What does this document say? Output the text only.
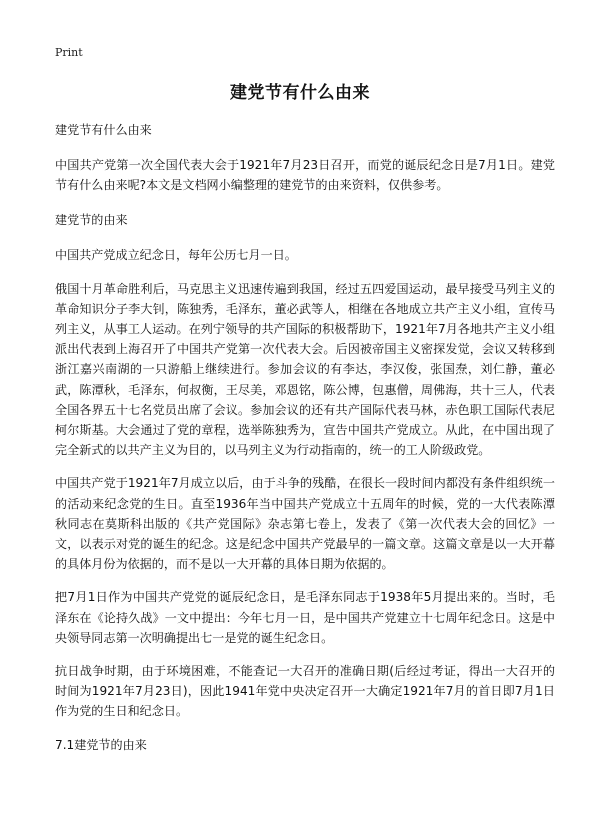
Print
建党节有什么由来
建党节有什么由来
中国共产党第一次全国代表大会于1921年7月23日召开，而党的诞辰纪念日是7月1日。建党节有什么由来呢?本文是文档网小编整理的建党节的由来资料，仅供参考。
建党节的由来
中国共产党成立纪念日，每年公历七月一日。
俄国十月革命胜利后，马克思主义迅速传遍到我国，经过五四爱国运动，最早接受马列主义的革命知识分子李大钊，陈独秀，毛泽东，董必武等人，相继在各地成立共产主义小组，宣传马列主义，从事工人运动。在列宁领导的共产国际的积极帮助下，1921年7月各地共产主义小组派出代表到上海召开了中国共产党第一次代表大会。后因被帝国主义密探发觉，会议又转移到浙江嘉兴南湖的一只游船上继续进行。参加会议的有李达，李汉俊，张国焘，刘仁静，董必武，陈潭秋，毛泽东，何叔衡，王尽美，邓恩铭，陈公博，包惠僧，周佛海，共十三人，代表全国各界五十七名党员出席了会议。参加会议的还有共产国际代表马林，赤色职工国际代表尼柯尔斯基。大会通过了党的章程，选举陈独秀为，宣告中国共产党成立。从此，在中国出现了完全新式的以共产主义为目的，以马列主义为行动指南的，统一的工人阶级政党。
中国共产党于1921年7月成立以后，由于斗争的残酷，在很长一段时间内都没有条件组织统一的活动来纪念党的生日。直至1936年当中国共产党成立十五周年的时候，党的一大代表陈潭秋同志在莫斯科出版的《共产党国际》杂志第七卷上，发表了《第一次代表大会的回忆》一文，以表示对党的诞生的纪念。这是纪念中国共产党最早的一篇文章。这篇文章是以一大开幕的具体月份为依据的，而不是以一大开幕的具体日期为依据的。
把7月1日作为中国共产党党的诞辰纪念日，是毛泽东同志于1938年5月提出来的。当时，毛泽东在《论持久战》一文中提出：今年七月一日，是中国共产党建立十七周年纪念日。这是中央领导同志第一次明确提出七一是党的诞生纪念日。
抗日战争时期，由于环境困难，不能查记一大召开的准确日期(后经过考证，得出一大召开的时间为1921年7月23日)，因此1941年党中央决定召开一大确定1921年7月的首日即7月1日作为党的生日和纪念日。
7.1建党节的由来
